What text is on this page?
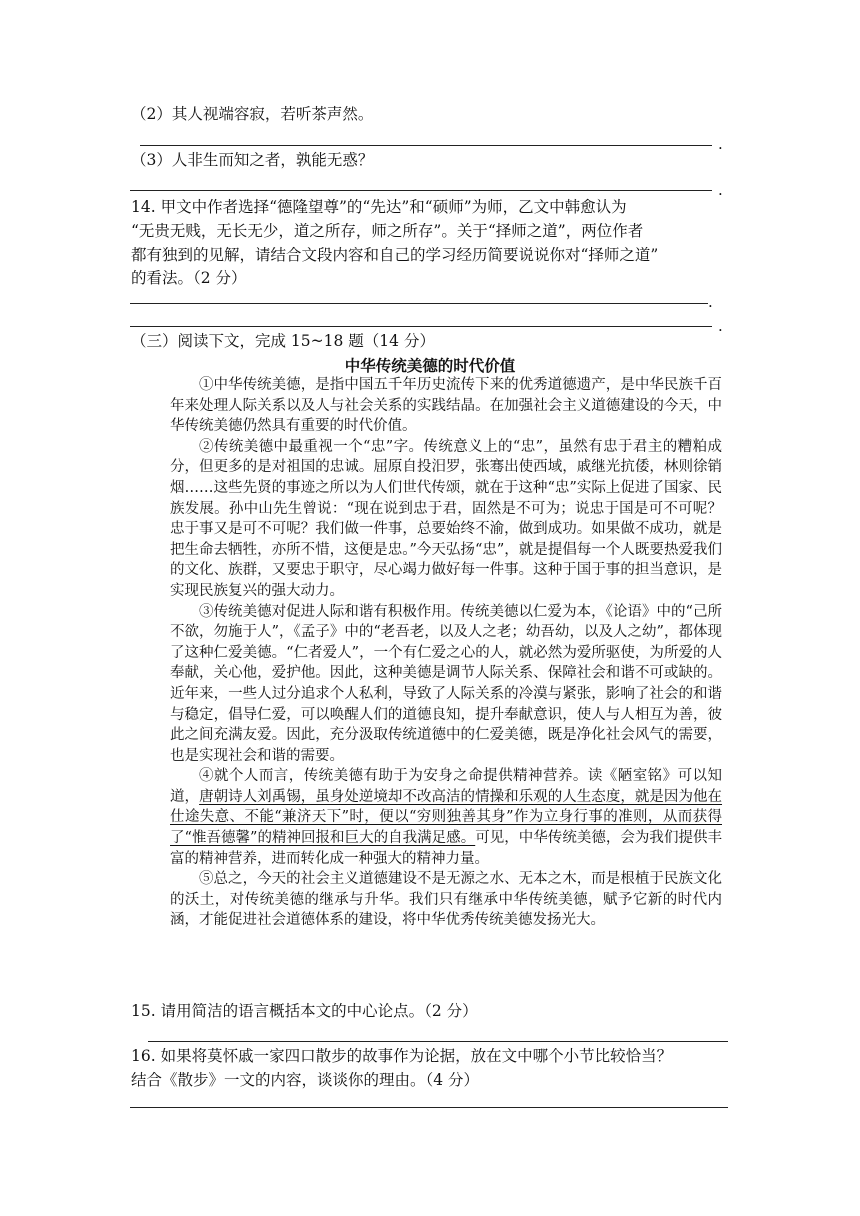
（2）其人视端容寂，若听茶声然。
.
（3）人非生而知之者，孰能无惑？
.
14. 甲文中作者选择“德隆望尊”的“先达”和“硕师”为师，乙文中韩愈认为
“无贵无贱，无长无少，道之所存，师之所存”。关于“择师之道”，两位作者
都有独到的见解，请结合文段内容和自己的学习经历简要说说你对“择师之道”
的看法。（2 分）
.
.
（三）阅读下文，完成 15~18 题（14 分）
中华传统美德的时代价值

①中华传统美德，是指中国五千年历史流传下来的优秀道德遗产，是中华民族千百年来处理人际关系以及人与社会关系的实践结晶。在加强社会主义道德建设的今天，中华传统美德仍然具有重要的时代价值。

②传统美德中最重视一个“忠”字。传统意义上的“忠”，虽然有忠于君主的糟粕成分，但更多的是对祖国的忠诚。屈原自投汨罗，张骞出使西域，戚继光抗倭，林则徐销烟……这些先贤的事迹之所以为人们世代传颂，就在于这种“忠”实际上促进了国家、民族发展。孙中山先生曾说：“现在说到忠于君，固然是不可为；说忠于国是可不可呢？忠于事又是可不可呢？我们做一件事，总要始终不渝，做到成功。如果做不成功，就是把生命去牺牲，亦所不惜，这便是忠。”今天弘扬“忠”，就是提倡每一个人既要热爱我们的文化、族群，又要忠于职守，尽心竭力做好每一件事。这种于国于事的担当意识，是实现民族复兴的强大动力。

③传统美德对促进人际和谐有积极作用。传统美德以仁爱为本，《论语》中的“己所不欲，勿施于人”，《孟子》中的“老吾老，以及人之老；幼吾幼，以及人之幼”，都体现了这种仁爱美德。“仁者爱人”，一个有仁爱之心的人，就必然为爱所驱使，为所爱的人奉献，关心他，爱护他。因此，这种美德是调节人际关系、保障社会和谐不可或缺的。近年来，一些人过分追求个人私利，导致了人际关系的冷漠与紧张，影响了社会的和谐与稳定，倡导仁爱，可以唤醒人们的道德良知，提升奉献意识，使人与人相互为善，彼此之间充满友爱。因此，充分汲取传统道德中的仁爱美德，既是净化社会风气的需要，也是实现社会和谐的需要。

④就个人而言，传统美德有助于为安身之命提供精神营养。读《陋室铭》可以知道，唐朝诗人刘禹锡，虽身处逆境却不改高洁的情操和乐观的人生态度，就是因为他在仕途失意、不能“兼济天下”时，便以“穷则独善其身”作为立身行事的准则，从而获得了“惟吾德馨”的精神回报和巨大的自我满足感。可见，中华传统美德，会为我们提供丰富的精神营养，进而转化成一种强大的精神力量。

⑤总之，今天的社会主义道德建设不是无源之水、无本之木，而是根植于民族文化的沃土，对传统美德的继承与升华。我们只有继承中华传统美德，赋予它新的时代内涵，才能促进社会道德体系的建设，将中华优秀传统美德发扬光大。

15. 请用简洁的语言概括本文的中心论点。（2 分）
16. 如果将莫怀戚一家四口散步的故事作为论据，放在文中哪个小节比较恰当？
结合《散步》一文的内容，谈谈你的理由。（4 分）
